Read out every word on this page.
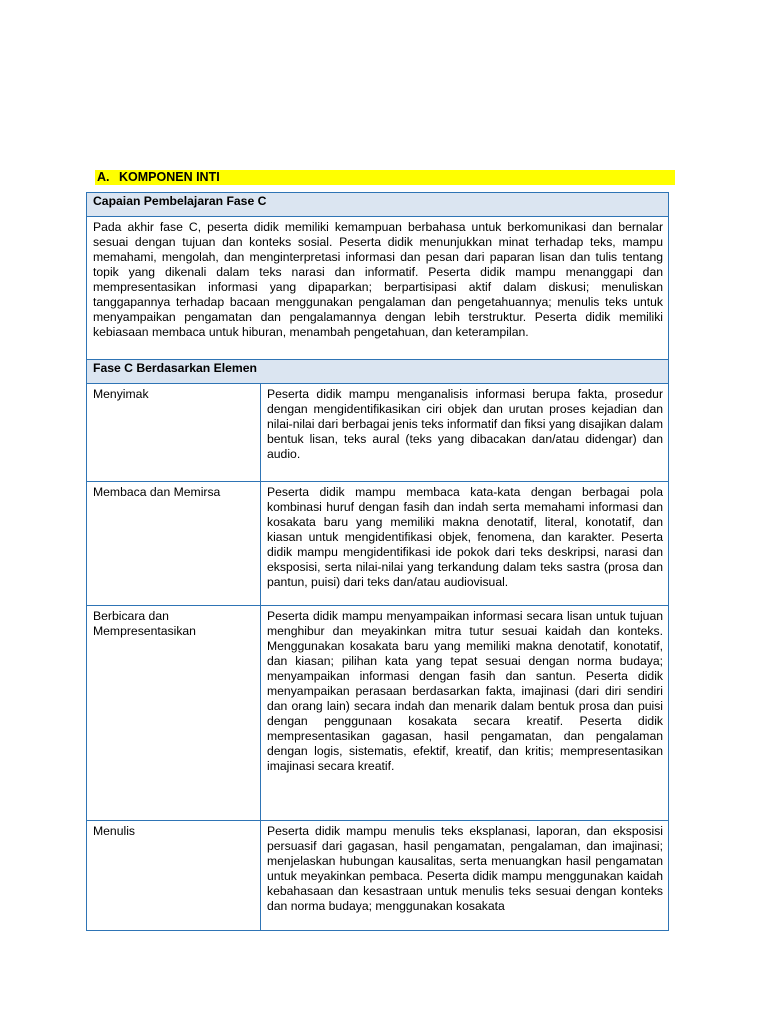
A. KOMPONEN INTI
Capaian Pembelajaran Fase C	
Pada akhir fase C, peserta didik memiliki kemampuan berbahasa untuk berkomunikasi dan bernalar sesuai dengan tujuan dan konteks sosial. Peserta didik menunjukkan minat terhadap teks, mampu memahami, mengolah, dan menginterpretasi informasi dan pesan dari paparan lisan dan tulis tentang topik yang dikenali dalam teks narasi dan informatif. Peserta didik mampu menanggapi dan mempresentasikan informasi yang dipaparkan; berpartisipasi aktif dalam diskusi; menuliskan tanggapannya terhadap bacaan menggunakan pengalaman dan pengetahuannya; menulis teks untuk menyampaikan pengamatan dan pengalamannya dengan lebih terstruktur. Peserta didik memiliki kebiasaan membaca untuk hiburan, menambah pengetahuan, dan keterampilan.	
Fase C Berdasarkan Elemen	
Menyimak	Peserta didik mampu menganalisis informasi berupa fakta, prosedur dengan mengidentifikasikan ciri objek dan urutan proses kejadian dan nilai-nilai dari berbagai jenis teks informatif dan fiksi yang disajikan dalam bentuk lisan, teks aural (teks yang dibacakan dan/atau didengar) dan audio.
Membaca dan Memirsa	Peserta didik mampu membaca kata-kata dengan berbagai pola kombinasi huruf dengan fasih dan indah serta memahami informasi dan kosakata baru yang memiliki makna denotatif, literal, konotatif, dan kiasan untuk mengidentifikasi objek, fenomena, dan karakter. Peserta didik mampu mengidentifikasi ide pokok dari teks deskripsi, narasi dan eksposisi, serta nilai-nilai yang terkandung dalam teks sastra (prosa dan pantun, puisi) dari teks dan/atau audiovisual.
Berbicara dan Mempresentasikan	Peserta didik mampu menyampaikan informasi secara lisan untuk tujuan menghibur dan meyakinkan mitra tutur sesuai kaidah dan konteks. Menggunakan kosakata baru yang memiliki makna denotatif, konotatif, dan kiasan; pilihan kata yang tepat sesuai dengan norma budaya; menyampaikan informasi dengan fasih dan santun. Peserta didik menyampaikan perasaan berdasarkan fakta, imajinasi (dari diri sendiri dan orang lain) secara indah dan menarik dalam bentuk prosa dan puisi dengan penggunaan kosakata secara kreatif. Peserta didik mempresentasikan gagasan, hasil pengamatan, dan pengalaman dengan logis, sistematis, efektif, kreatif, dan kritis; mempresentasikan imajinasi secara kreatif.
Menulis	Peserta didik mampu menulis teks eksplanasi, laporan, dan eksposisi persuasif dari gagasan, hasil pengamatan, pengalaman, dan imajinasi; menjelaskan hubungan kausalitas, serta menuangkan hasil pengamatan untuk meyakinkan pembaca. Peserta didik mampu menggunakan kaidah kebahasaan dan kesastraan untuk menulis teks sesuai dengan konteks dan norma budaya; menggunakan kosakata
